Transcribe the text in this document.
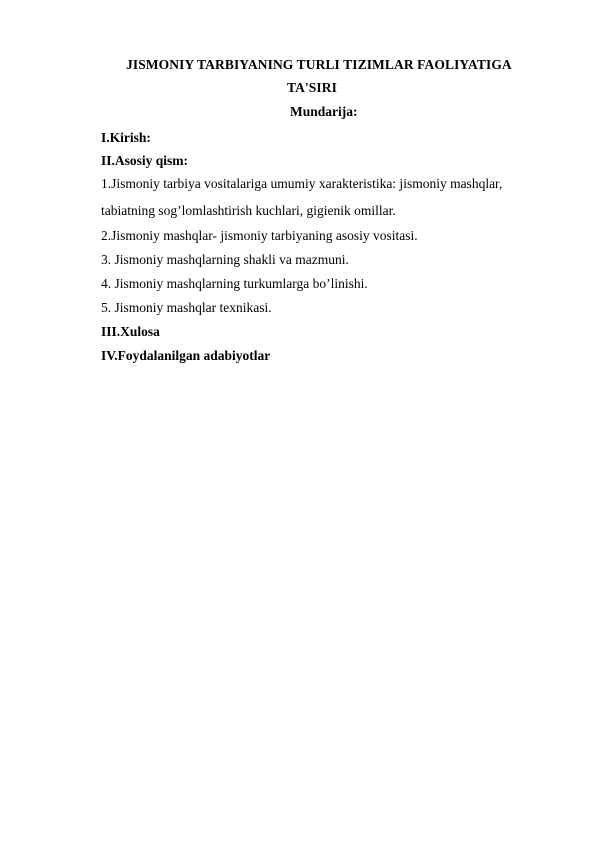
JISMONIY TARBIYANING TURLI TIZIMLAR FAOLIYATIGA
TA'SIRI
Mundarija:
I.Kirish:
II.Asosiy qism:
1.Jismoniy tarbiya vositalariga umumiy xarakteristika: jismoniy mashqlar,
tabiatning sog’lomlashtirish kuchlari, gigienik omillar.
2.Jismoniy mashqlar- jismoniy tarbiyaning asosiy vositasi.
3. Jismoniy mashqlarning shakli va mazmuni.
4. Jismoniy mashqlarning turkumlarga bo’linishi.
5. Jismoniy mashqlar texnikasi.
III.Xulosa
IV.Foydalanilgan adabiyotlar
